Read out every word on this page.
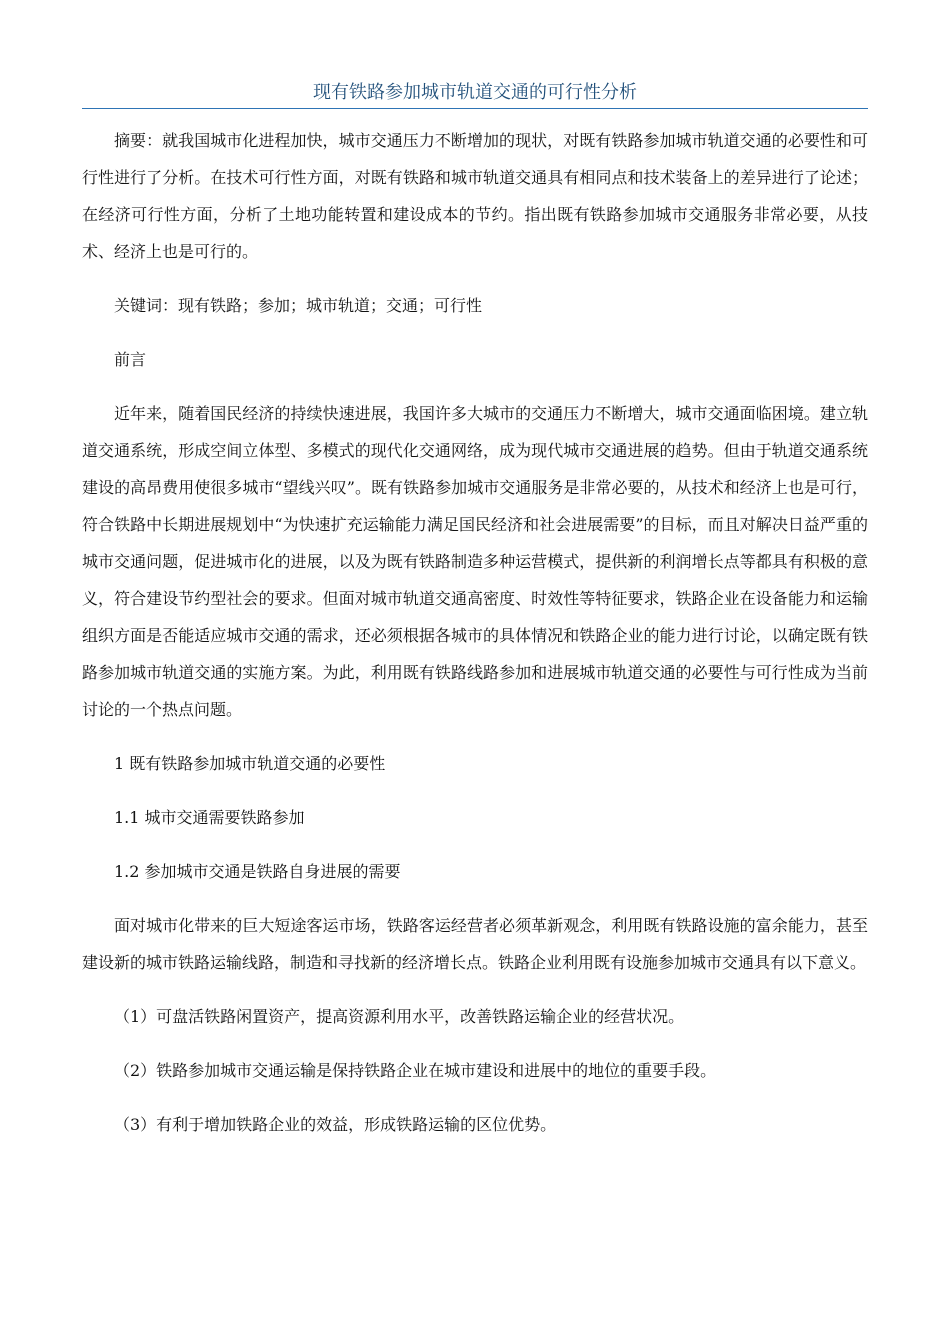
现有铁路参加城市轨道交通的可行性分析

摘要：就我国城市化进程加快，城市交通压力不断增加的现状，对既有铁路参加城市轨道交通的必要性和可行性进行了分析。在技术可行性方面，对既有铁路和城市轨道交通具有相同点和技术装备上的差异进行了论述；在经济可行性方面，分析了土地功能转置和建设成本的节约。指出既有铁路参加城市交通服务非常必要，从技术、经济上也是可行的。

关键词：现有铁路；参加；城市轨道；交通；可行性

前言

近年来，随着国民经济的持续快速进展，我国许多大城市的交通压力不断增大，城市交通面临困境。建立轨道交通系统，形成空间立体型、多模式的现代化交通网络，成为现代城市交通进展的趋势。但由于轨道交通系统建设的高昂费用使很多城市“望线兴叹”。既有铁路参加城市交通服务是非常必要的，从技术和经济上也是可行，符合铁路中长期进展规划中“为快速扩充运输能力满足国民经济和社会进展需要”的目标，而且对解决日益严重的城市交通问题，促进城市化的进展，以及为既有铁路制造多种运营模式，提供新的利润增长点等都具有积极的意义，符合建设节约型社会的要求。但面对城市轨道交通高密度、时效性等特征要求，铁路企业在设备能力和运输组织方面是否能适应城市交通的需求，还必须根据各城市的具体情况和铁路企业的能力进行讨论，以确定既有铁路参加城市轨道交通的实施方案。为此，利用既有铁路线路参加和进展城市轨道交通的必要性与可行性成为当前讨论的一个热点问题。

1 既有铁路参加城市轨道交通的必要性

1.1 城市交通需要铁路参加

1.2 参加城市交通是铁路自身进展的需要

面对城市化带来的巨大短途客运市场，铁路客运经营者必须革新观念，利用既有铁路设施的富余能力，甚至建设新的城市铁路运输线路，制造和寻找新的经济增长点。铁路企业利用既有设施参加城市交通具有以下意义。

（1）可盘活铁路闲置资产，提高资源利用水平，改善铁路运输企业的经营状况。

（2）铁路参加城市交通运输是保持铁路企业在城市建设和进展中的地位的重要手段。

（3）有利于增加铁路企业的效益，形成铁路运输的区位优势。
